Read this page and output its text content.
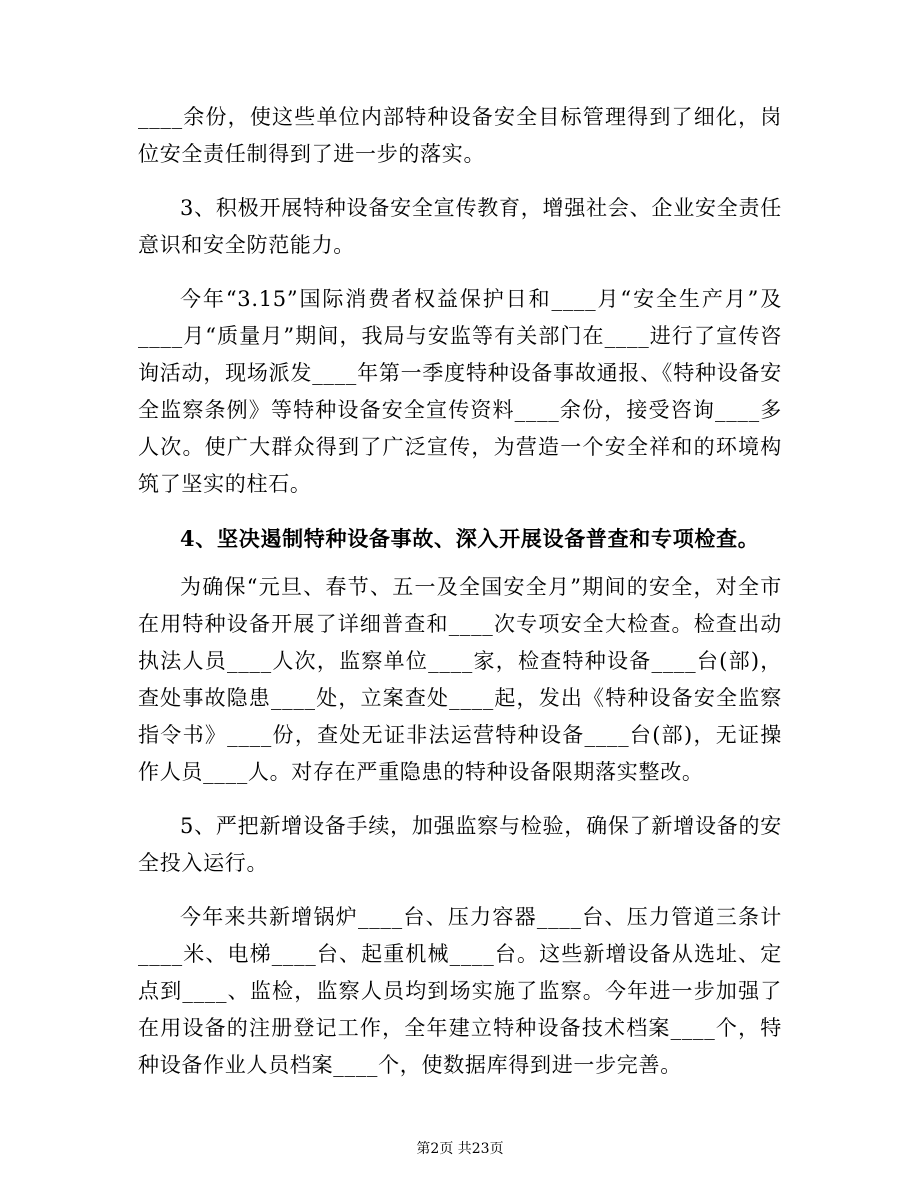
____余份，使这些单位内部特种设备安全目标管理得到了细化，岗位安全责任制得到了进一步的落实。

3、积极开展特种设备安全宣传教育，增强社会、企业安全责任意识和安全防范能力。

今年“3.15”国际消费者权益保护日和____月“安全生产月”及____月“质量月”期间，我局与安监等有关部门在____进行了宣传咨询活动，现场派发____年第一季度特种设备事故通报、《特种设备安全监察条例》等特种设备安全宣传资料____余份，接受咨询____多人次。使广大群众得到了广泛宣传，为营造一个安全祥和的环境构筑了坚实的柱石。

4、坚决遏制特种设备事故、深入开展设备普查和专项检查。

为确保“元旦、春节、五一及全国安全月”期间的安全，对全市在用特种设备开展了详细普查和____次专项安全大检查。检查出动执法人员____人次，监察单位____家，检查特种设备____台(部)，查处事故隐患____处，立案查处____起，发出《特种设备安全监察指令书》____份，查处无证非法运营特种设备____台(部)，无证操作人员____人。对存在严重隐患的特种设备限期落实整改。

5、严把新增设备手续，加强监察与检验，确保了新增设备的安全投入运行。

今年来共新增锅炉____台、压力容器____台、压力管道三条计____米、电梯____台、起重机械____台。这些新增设备从选址、定点到____、监检，监察人员均到场实施了监察。今年进一步加强了在用设备的注册登记工作，全年建立特种设备技术档案____个，特种设备作业人员档案____个，使数据库得到进一步完善。

第2页 共23页
